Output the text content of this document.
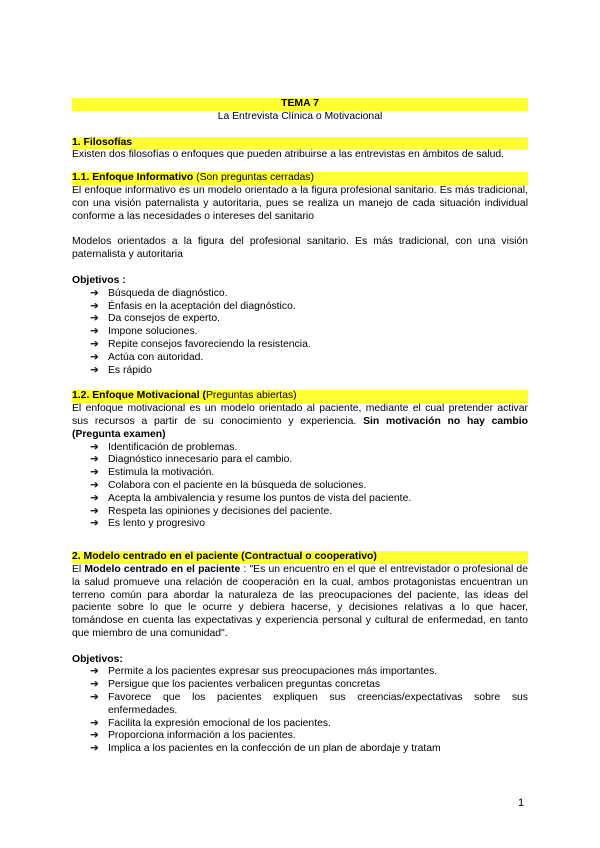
TEMA 7
La Entrevista Clínica o Motivacional
1. Filosofías

Existen dos filosofías o enfoques que pueden atribuirse a las entrevistas en ámbitos de salud.

1.1. Enfoque Informativo (Son preguntas cerradas)

El enfoque informativo es un modelo orientado a la figura profesional sanitario. Es más tradicional, con una visión paternalista y autoritaria, pues se realiza un manejo de cada situación individual conforme a las necesidades o intereses del sanitario

Modelos orientados a la figura del profesional sanitario. Es más tradicional, con una visión paternalista y autoritaria

Objetivos :

➔ Búsqueda de diagnóstico.
➔ Énfasis en la aceptación del diagnóstico.
➔ Da consejos de experto.
➔ Impone soluciones.
➔ Repite consejos favoreciendo la resistencia.
➔ Actúa con autoridad.
➔ Es rápido
1.2. Enfoque Motivacional (Preguntas abiertas)

El enfoque motivacional es un modelo orientado al paciente, mediante el cual pretender activar sus recursos a partir de su conocimiento y experiencia. Sin motivación no hay cambio (Pregunta examen)

➔ Identificación de problemas.
➔ Diagnóstico innecesario para el cambio.
➔ Estimula la motivación.
➔ Colabora con el paciente en la búsqueda de soluciones.
➔ Acepta la ambivalencia y resume los puntos de vista del paciente.
➔ Respeta las opiniones y decisiones del paciente.
➔ Es lento y progresivo
2. Modelo centrado en el paciente (Contractual o cooperativo)

El Modelo centrado en el paciente : "Es un encuentro en el que el entrevistador o profesional de la salud promueve una relación de cooperación en la cual, ambos protagonistas encuentran un terreno común para abordar la naturaleza de las preocupaciones del paciente, las ideas del paciente sobre lo que le ocurre y debiera hacerse, y decisiones relativas a lo que hacer, tomándose en cuenta las expectativas y experiencia personal y cultural de enfermedad, en tanto que miembro de una comunidad".

Objetivos:

➔ Permite a los pacientes expresar sus preocupaciones más importantes.
➔ Persigue que los pacientes verbalicen preguntas concretas
➔ Favorece que los pacientes expliquen sus creencias/expectativas sobre sus enfermedades.
➔ Facilita la expresión emocional de los pacientes.
➔ Proporciona información a los pacientes.
➔ Implica a los pacientes en la confección de un plan de abordaje y tratam
1
